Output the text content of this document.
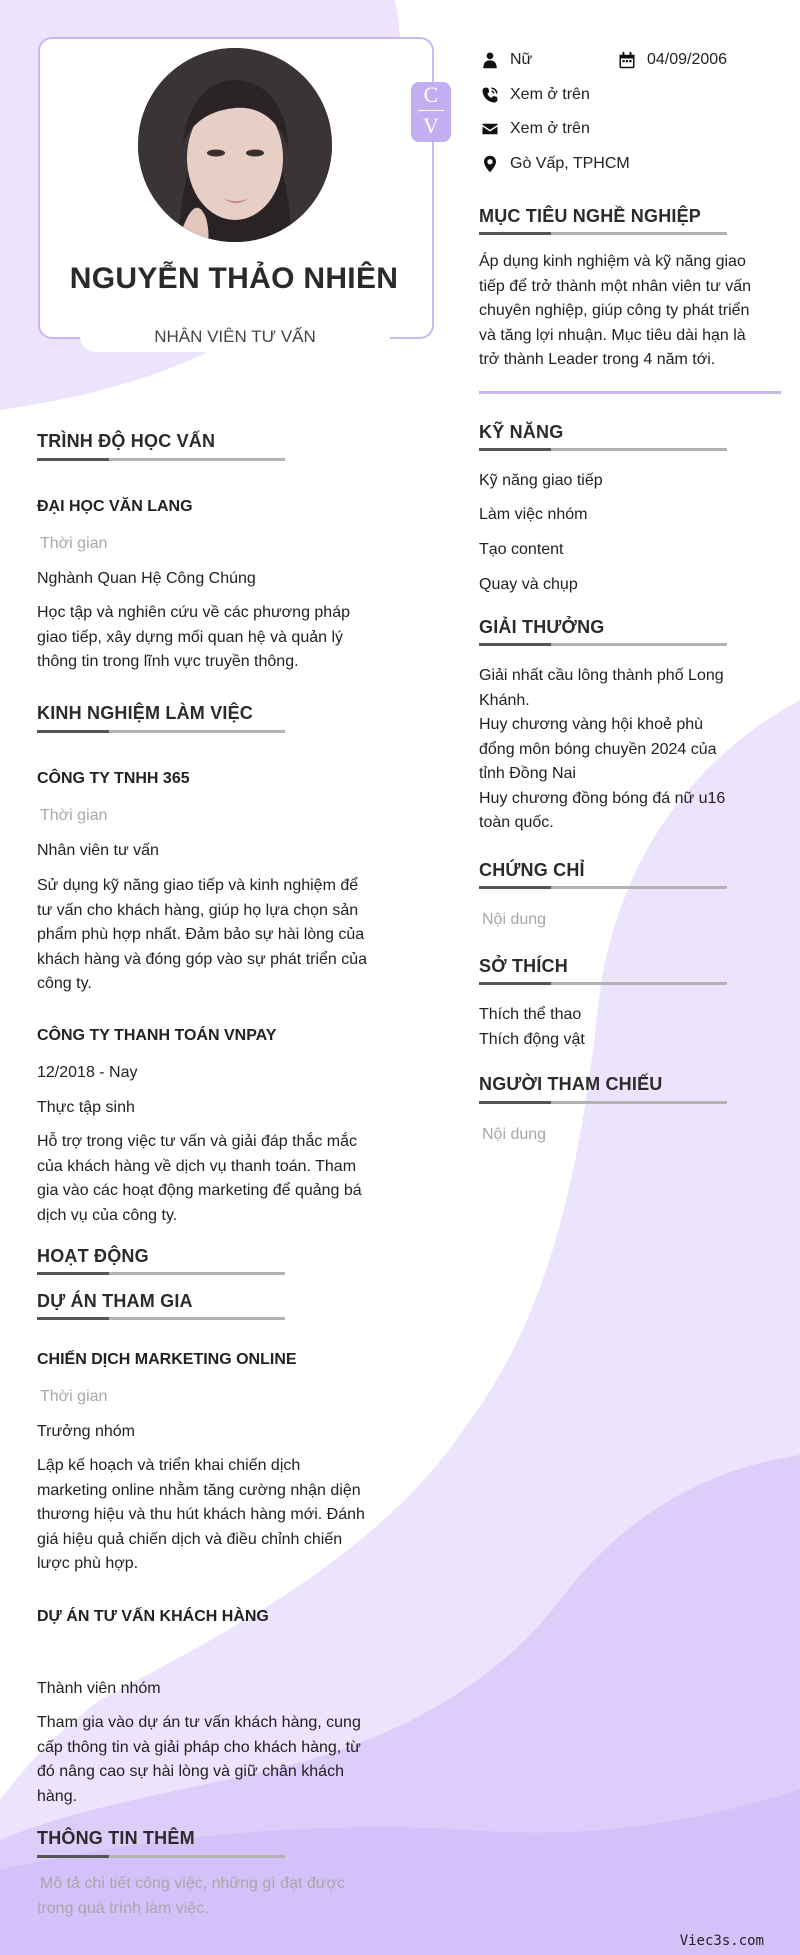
NGUYỄN THẢO NHIÊN
NHÂN VIÊN TƯ VẤN
C
V
Nữ	04/09/2006
Xem ở trên
Xem ở trên
Gò Vấp, TPHCM
MỤC TIÊU NGHỀ NGHIỆP
Áp dụng kinh nghiệm và kỹ năng giao
tiếp để trở thành một nhân viên tư vấn
chuyên nghiệp, giúp công ty phát triển
và tăng lợi nhuận. Mục tiêu dài hạn là
trở thành Leader trong 4 năm tới.
KỸ NĂNG
Kỹ năng giao tiếp
Làm việc nhóm
Tạo content
Quay và chụp
GIẢI THƯỞNG
Giải nhất cầu lông thành phố Long
Khánh.
Huy chương vàng hội khoẻ phù
đổng môn bóng chuyền 2024 của
tỉnh Đồng Nai
Huy chương đồng bóng đá nữ u16
toàn quốc.
CHỨNG CHỈ
Nội dung
SỞ THÍCH
Thích thể thao
Thích động vật
NGƯỜI THAM CHIẾU
Nội dung
TRÌNH ĐỘ HỌC VẤN
ĐẠI HỌC VĂN LANG
Thời gian
Nghành Quan Hệ Công Chúng
Học tập và nghiên cứu về các phương pháp
giao tiếp, xây dựng mối quan hệ và quản lý
thông tin trong lĩnh vực truyền thông.
KINH NGHIỆM LÀM VIỆC
CÔNG TY TNHH 365
Thời gian
Nhân viên tư vấn
Sử dụng kỹ năng giao tiếp và kinh nghiệm để
tư vấn cho khách hàng, giúp họ lựa chọn sản
phẩm phù hợp nhất. Đảm bảo sự hài lòng của
khách hàng và đóng góp vào sự phát triển của
công ty.
CÔNG TY THANH TOÁN VNPAY
12/2018 - Nay
Thực tập sinh
Hỗ trợ trong việc tư vấn và giải đáp thắc mắc
của khách hàng về dịch vụ thanh toán. Tham
gia vào các hoạt động marketing để quảng bá
dịch vụ của công ty.
HOẠT ĐỘNG
DỰ ÁN THAM GIA
CHIẾN DỊCH MARKETING ONLINE
Thời gian
Trưởng nhóm
Lập kế hoạch và triển khai chiến dịch
marketing online nhằm tăng cường nhận diện
thương hiệu và thu hút khách hàng mới. Đánh
giá hiệu quả chiến dịch và điều chỉnh chiến
lược phù hợp.
DỰ ÁN TƯ VẤN KHÁCH HÀNG
Thành viên nhóm
Tham gia vào dự án tư vấn khách hàng, cung
cấp thông tin và giải pháp cho khách hàng, từ
đó nâng cao sự hài lòng và giữ chân khách
hàng.
THÔNG TIN THÊM
Mô tả chi tiết công việc, những gì đạt được
trong quá trình làm việc.
Viec3s.com
